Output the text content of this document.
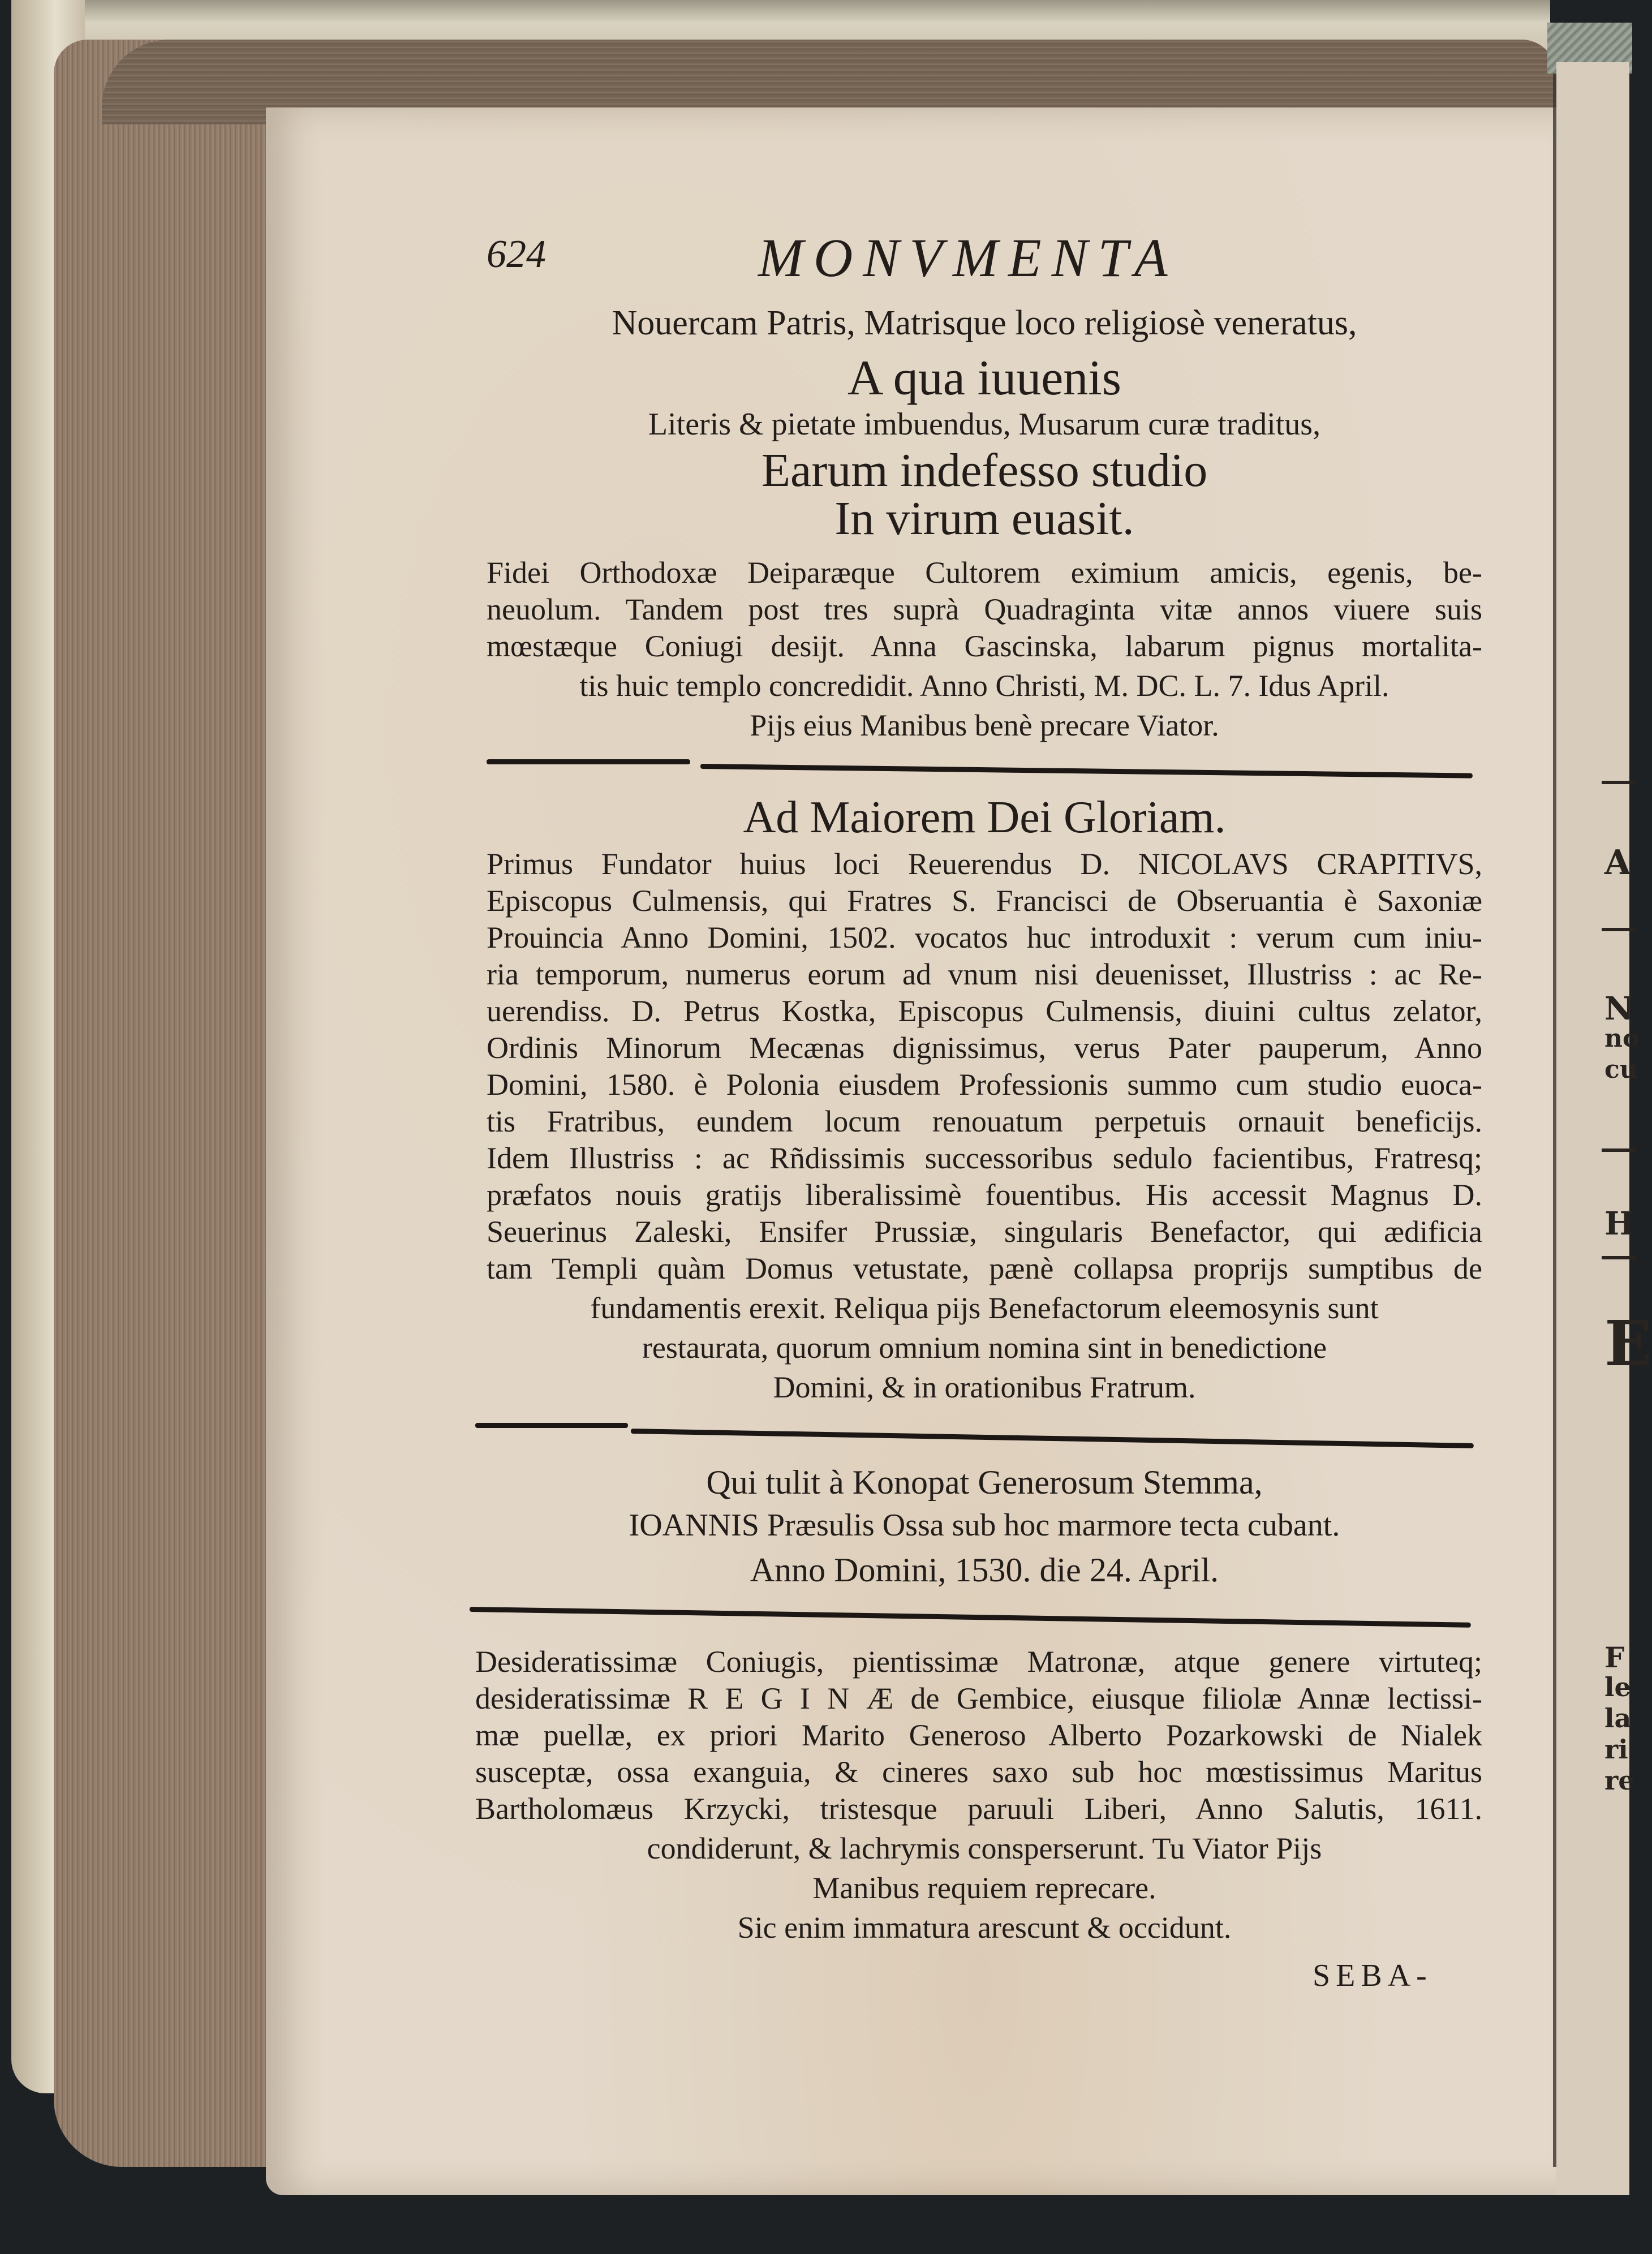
A
N
no
cu
H
E
F
le
la
ri
re
624	MONVMENTA
Nouercam Patris, Matrisque loco religiosè veneratus,
A qua iuuenis
Literis & pietate imbuendus, Musarum curæ traditus,
Earum indefesso studio
In virum euasit.
Fidei Orthodoxæ Deiparæque Cultorem eximium amicis, egenis, be-
neuolum. Tandem post tres suprà Quadraginta vitæ annos viuere suis
mœstæque Coniugi desijt. Anna Gascinska, labarum pignus mortalita-
tis huic templo concredidit. Anno Christi, M. DC. L. 7. Idus April.
Pijs eius Manibus benè precare Viator.
Ad Maiorem Dei Gloriam.
Primus Fundator huius loci Reuerendus D. NICOLAVS CRAPITIVS,
Episcopus Culmensis, qui Fratres S. Francisci de Obseruantia è Saxoniæ
Prouincia Anno Domini, 1502. vocatos huc introduxit : verum cum iniu-
ria temporum, numerus eorum ad vnum nisi deuenisset, Illustriss : ac Re-
uerendiss. D. Petrus Kostka, Episcopus Culmensis, diuini cultus zelator,
Ordinis Minorum Mecænas dignissimus, verus Pater pauperum, Anno
Domini, 1580. è Polonia eiusdem Professionis summo cum studio euoca-
tis Fratribus, eundem locum renouatum perpetuis ornauit beneficijs.
Idem Illustriss : ac Rñdissimis successoribus sedulo facientibus, Fratresq;
præfatos nouis gratijs liberalissimè fouentibus. His accessit Magnus D.
Seuerinus Zaleski, Ensifer Prussiæ, singularis Benefactor, qui ædificia
tam Templi quàm Domus vetustate, pænè collapsa proprijs sumptibus de
fundamentis erexit. Reliqua pijs Benefactorum eleemosynis sunt
restaurata, quorum omnium nomina sint in benedictione
Domini, & in orationibus Fratrum.
Qui tulit à Konopat Generosum Stemma,
IOANNIS Præsulis Ossa sub hoc marmore tecta cubant.
Anno Domini, 1530. die 24. April.
Desideratissimæ Coniugis, pientissimæ Matronæ, atque genere virtuteq;
desideratissimæ R E G I N Æ de Gembice, eiusque filiolæ Annæ lectissi-
mæ puellæ, ex priori Marito Generoso Alberto Pozarkowski de Nialek
susceptæ, ossa exanguia, & cineres saxo sub hoc mœstissimus Maritus
Bartholomæus Krzycki, tristesque paruuli Liberi, Anno Salutis, 1611.
condiderunt, & lachrymis consperserunt. Tu Viator Pijs
Manibus requiem reprecare.
Sic enim immatura arescunt & occidunt.
SEBA-
